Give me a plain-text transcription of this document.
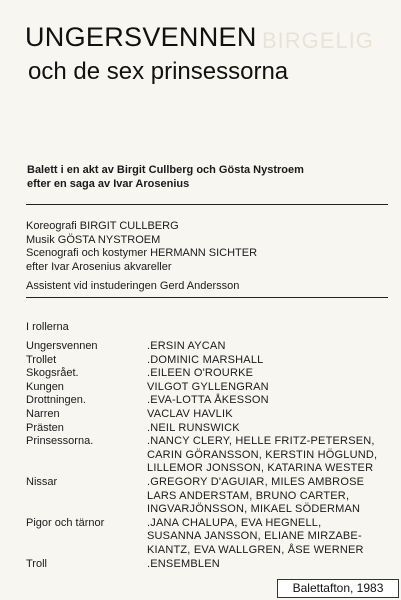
BIRGELIG
UNGERSVENNEN
och de sex prinsessorna
Balett i en akt av Birgit Cullberg och Gösta Nystroem
efter en saga av Ivar Arosenius
Koreografi BIRGIT CULLBERG
Musik GÖSTA NYSTROEM
Scenografi och kostymer HERMANN SICHTER
efter Ivar Arosenius akvareller
Assistent vid instuderingen Gerd Andersson
I rollerna
Ungersvennen	.ERSIN AYCAN
Trollet	.DOMINIC MARSHALL
Skogsrået.	.EILEEN O'ROURKE
Kungen	VILGOT GYLLENGRAN
Drottningen.	.EVA-LOTTA ÅKESSON
Narren	VACLAV HAVLIK
Prästen	.NEIL RUNSWICK
Prinsessorna.	.NANCY CLERY, HELLE FRITZ-PETERSEN,
CARIN GÖRANSSON, KERSTIN HÖGLUND,
LILLEMOR JONSSON, KATARINA WESTER
Nissar	.GREGORY D'AGUIAR, MILES AMBROSE
LARS ANDERSTAM, BRUNO CARTER,
INGVARJÖNSSON, MIKAEL SÖDERMAN
Pigor och tärnor	.JANA CHALUPA, EVA HEGNELL,
SUSANNA JANSSON, ELIANE MIRZABE-
KIANTZ, EVA WALLGREN, ÅSE WERNER
Troll	.ENSEMBLEN
Balettafton, 1983
